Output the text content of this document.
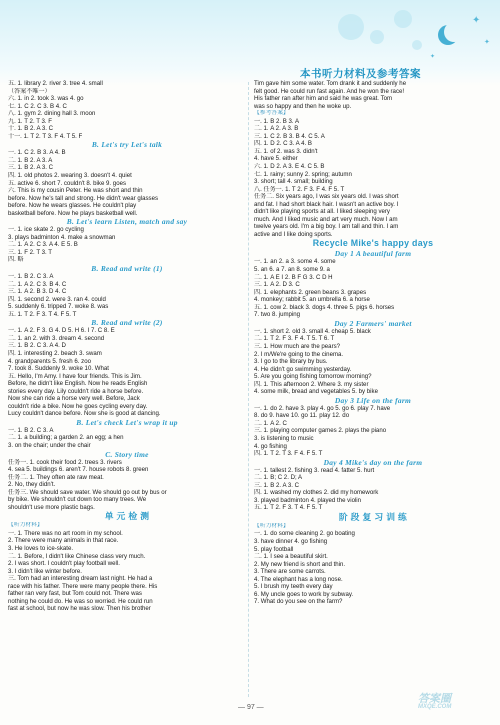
✦
✦
✦
本书听力材料及参考答案
五. 1. library 2. river 3. tree 4. small
（答案不唯一）
六. 1. in 2. took 3. was 4. go
七. 1. C 2. C 3. B 4. C
八. 1. gym 2. dining hall 3. moon
九. 1. T 2. T 3. F
十. 1. B 2. A 3. C
十一. 1. T 2. T 3. F 4. T 5. F
B. Let's try Let's talk
一. 1. C 2. B 3. A 4. B
二. 1. B 2. A 3. A
三. 1. B 2. A 3. C
四. 1. old photos 2. wearing 3. doesn't 4. quiet
五. active 6. short 7. couldn't 8. bike 9. goes
六. This is my cousin Peter. He was short and thin
before. Now he's tall and strong. He didn't wear glasses
before. Now he wears glasses. He couldn't play
basketball before. Now he plays basketball well.
B. Let's learn Listen, match and say
一. 1. ice skate 2. go cycling
3. plays badminton 4. make a snowman
二. 1. A 2. C 3. A 4. E 5. B
三. 1. F 2. T 3. T
四. 略
B. Read and write (1)
一. 1. B 2. C 3. A
二. 1. A 2. C 3. B 4. C
三. 1. A 2. B 3. D 4. C
四. 1. second 2. were 3. ran 4. could
5. suddenly 6. tripped 7. woke 8. was
五. 1. T 2. F 3. T 4. F 5. T
B. Read and write (2)
一. 1. A 2. F 3. G 4. D 5. H 6. I 7. C 8. E
二. 1. an 2. with 3. dream 4. second
三. 1. B 2. C 3. A 4. D
四. 1. interesting 2. beach 3. swam
4. grandparents 5. fresh 6. zoo
7. took 8. Suddenly 9. woke 10. What
五. Hello, I'm Amy. I have four friends. This is Jim.
Before, he didn't like English. Now he reads English
stories every day. Lily couldn't ride a horse before.
Now she can ride a horse very well. Before, Jack
couldn't ride a bike. Now he goes cycling every day.
Lucy couldn't dance before. Now she is good at dancing.
B. Let's check Let's wrap it up
一. 1. B 2. C 3. A
二. 1. a building; a garden 2. an egg; a hen
3. on the chair; under the chair
C. Story time
任务一. 1. cook their food 2. trees 3. rivers
4. sea 5. buildings 6. aren't 7. house robots 8. green
任务二. 1. They often ate raw meat.
2. No, they didn't.
任务三. We should save water. We should go out by bus or
by bike. We shouldn't cut down too many trees. We
shouldn't use more plastic bags.
单 元 检 测
【听力材料】
一. 1. There was no art room in my school.
2. There were many animals in that race.
3. He loves to ice-skate.
二. 1. Before, I didn't like Chinese class very much.
2. I was short. I couldn't play football well.
3. I didn't like winter before.
三. Tom had an interesting dream last night. He had a
race with his father. There were many people there. His
father ran very fast, but Tom could not. There was
nothing he could do. He was so worried. He could run
fast at school, but now he was slow. Then his brother
Tim gave him some water. Tom drank it and suddenly he
felt good. He could run fast again. And he won the race!
His father ran after him and said he was great. Tom
was so happy and then he woke up.
【参考答案】
一. 1. B 2. B 3. A
二. 1. A 2. A 3. B
三. 1. C 2. B 3. B 4. C 5. A
四. 1. D 2. C 3. A 4. B
五. 1. of 2. was 3. didn't
4. have 5. either
六. 1. D 2. A 3. E 4. C 5. B
七. 1. rainy; sunny 2. spring; autumn
3. short; tall 4. small; building
八. 任务一. 1. T 2. F 3. F 4. F 5. T
任务二. Six years ago, I was six years old. I was short
and fat. I had short black hair. I wasn't an active boy. I
didn't like playing sports at all. I liked sleeping very
much. And I liked music and art very much. Now I am
twelve years old. I'm a big boy. I am tall and thin. I am
active and I like doing sports.
Recycle Mike's happy days
Day 1 A beautiful farm
一. 1. an 2. a 3. some 4. some
5. an 6. a 7. an 8. some 9. a
二. 1. A E I 2. B F G 3. C D H
三. 1. A 2. D 3. C
四. 1. elephants 2. green beans 3. grapes
4. monkey; rabbit 5. an umbrella 6. a horse
五. 1. cow 2. black 3. dogs 4. three 5. pigs 6. horses
7. two 8. jumping
Day 2 Farmers' market
一. 1. short 2. old 3. small 4. cheap 5. black
二. 1. T 2. F 3. F 4. T 5. T 6. T
三. 1. How much are the pears?
2. I m/We're going to the cinema.
3. I go to the library by bus.
4. He didn't go swimming yesterday.
5. Are you going fishing tomorrow morning?
四. 1. This afternoon 2. Where 3. my sister
4. some milk, bread and vegetables 5. by bike
Day 3 Life on the farm
一. 1. do 2. have 3. play 4. go 5. go 6. play 7. have
8. do 9. have 10. go 11. play 12. do
二. 1. A 2. C
三. 1. playing computer games 2. plays the piano
3. is listening to music
4. go fishing
四. 1. T 2. T 3. F 4. F 5. T
Day 4 Mike's day on the farm
一. 1. tallest 2. fishing 3. read 4. fatter 5. hurt
二. 1. B; C 2. D; A
三. 1. B 2. A 3. C
四. 1. washed my clothes 2. did my homework
3. played badminton 4. played the violin
五. 1. T 2. F 3. T 4. F 5. T
阶 段 复 习 训 练
【听力材料】
一. 1. do some cleaning 2. go boating
3. have dinner 4. go fishing
5. play football
二. 1. I see a beautiful skirt.
2. My new friend is short and thin.
3. There are some carrots.
4. The elephant has a long nose.
5. I brush my teeth every day
6. My uncle goes to work by subway.
7. What do you see on the farm?
— 97 —
答案圈
MXQE.COM
